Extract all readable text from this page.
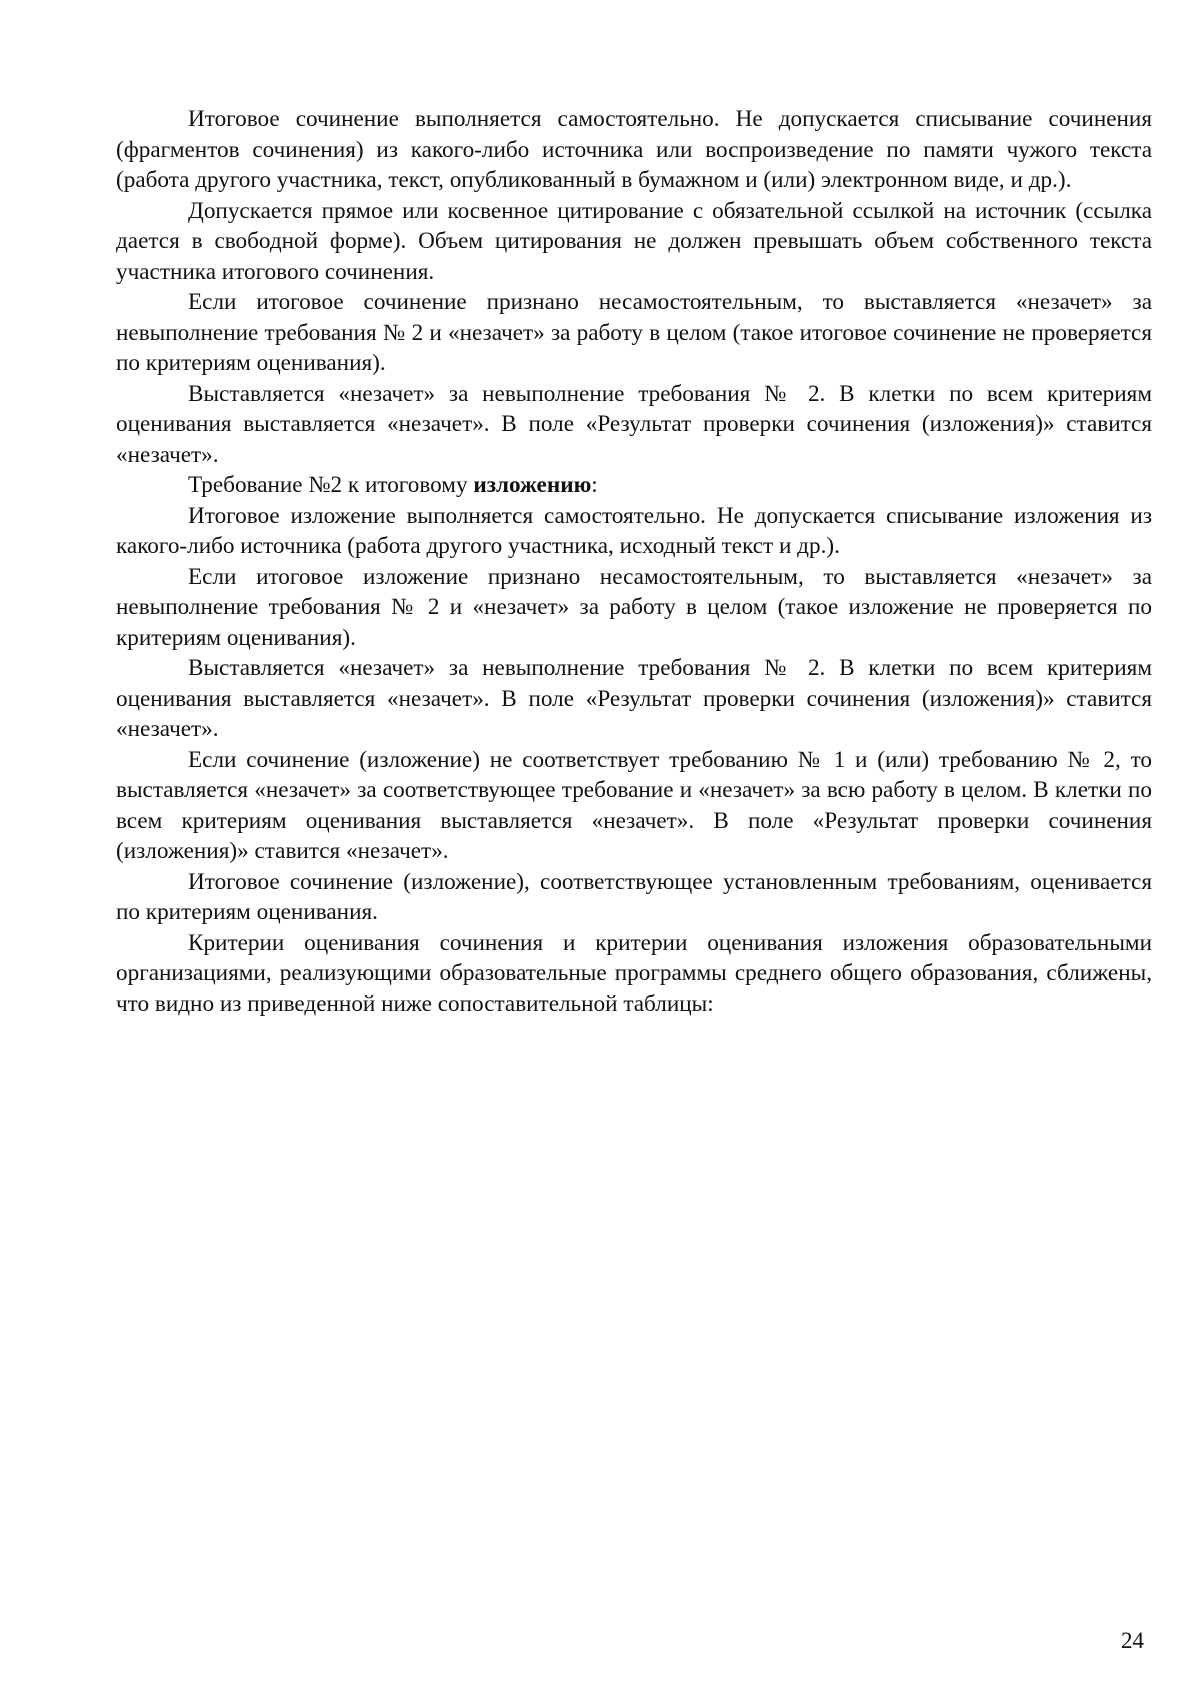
Итоговое сочинение выполняется самостоятельно. Не допускается списывание сочинения (фрагментов сочинения) из какого-либо источника или воспроизведение по памяти чужого текста (работа другого участника, текст, опубликованный в бумажном и (или) электронном виде, и др.).

Допускается прямое или косвенное цитирование с обязательной ссылкой на источник (ссылка дается в свободной форме). Объем цитирования не должен превышать объем собственного текста участника итогового сочинения.

Если итоговое сочинение признано несамостоятельным, то выставляется «незачет» за невыполнение требования № 2 и «незачет» за работу в целом (такое итоговое сочинение не проверяется по критериям оценивания).

Выставляется «незачет» за невыполнение требования № 2. В клетки по всем критериям оценивания выставляется «незачет». В поле «Результат проверки сочинения (изложения)» ставится «незачет».

Требование №2 к итоговому изложению:

Итоговое изложение выполняется самостоятельно. Не допускается списывание изложения из какого-либо источника (работа другого участника, исходный текст и др.).

Если итоговое изложение признано несамостоятельным, то выставляется «незачет» за невыполнение требования № 2 и «незачет» за работу в целом (такое изложение не проверяется по критериям оценивания).

Выставляется «незачет» за невыполнение требования № 2. В клетки по всем критериям оценивания выставляется «незачет». В поле «Результат проверки сочинения (изложения)» ставится «незачет».

Если сочинение (изложение) не соответствует требованию № 1 и (или) требованию № 2, то выставляется «незачет» за соответствующее требование и «незачет» за всю работу в целом. В клетки по всем критериям оценивания выставляется «незачет». В поле «Результат проверки сочинения (изложения)» ставится «незачет».

Итоговое сочинение (изложение), соответствующее установленным требованиям, оценивается по критериям оценивания.

Критерии оценивания сочинения и критерии оценивания изложения образовательными организациями, реализующими образовательные программы среднего общего образования, сближены, что видно из приведенной ниже сопоставительной таблицы:

24
